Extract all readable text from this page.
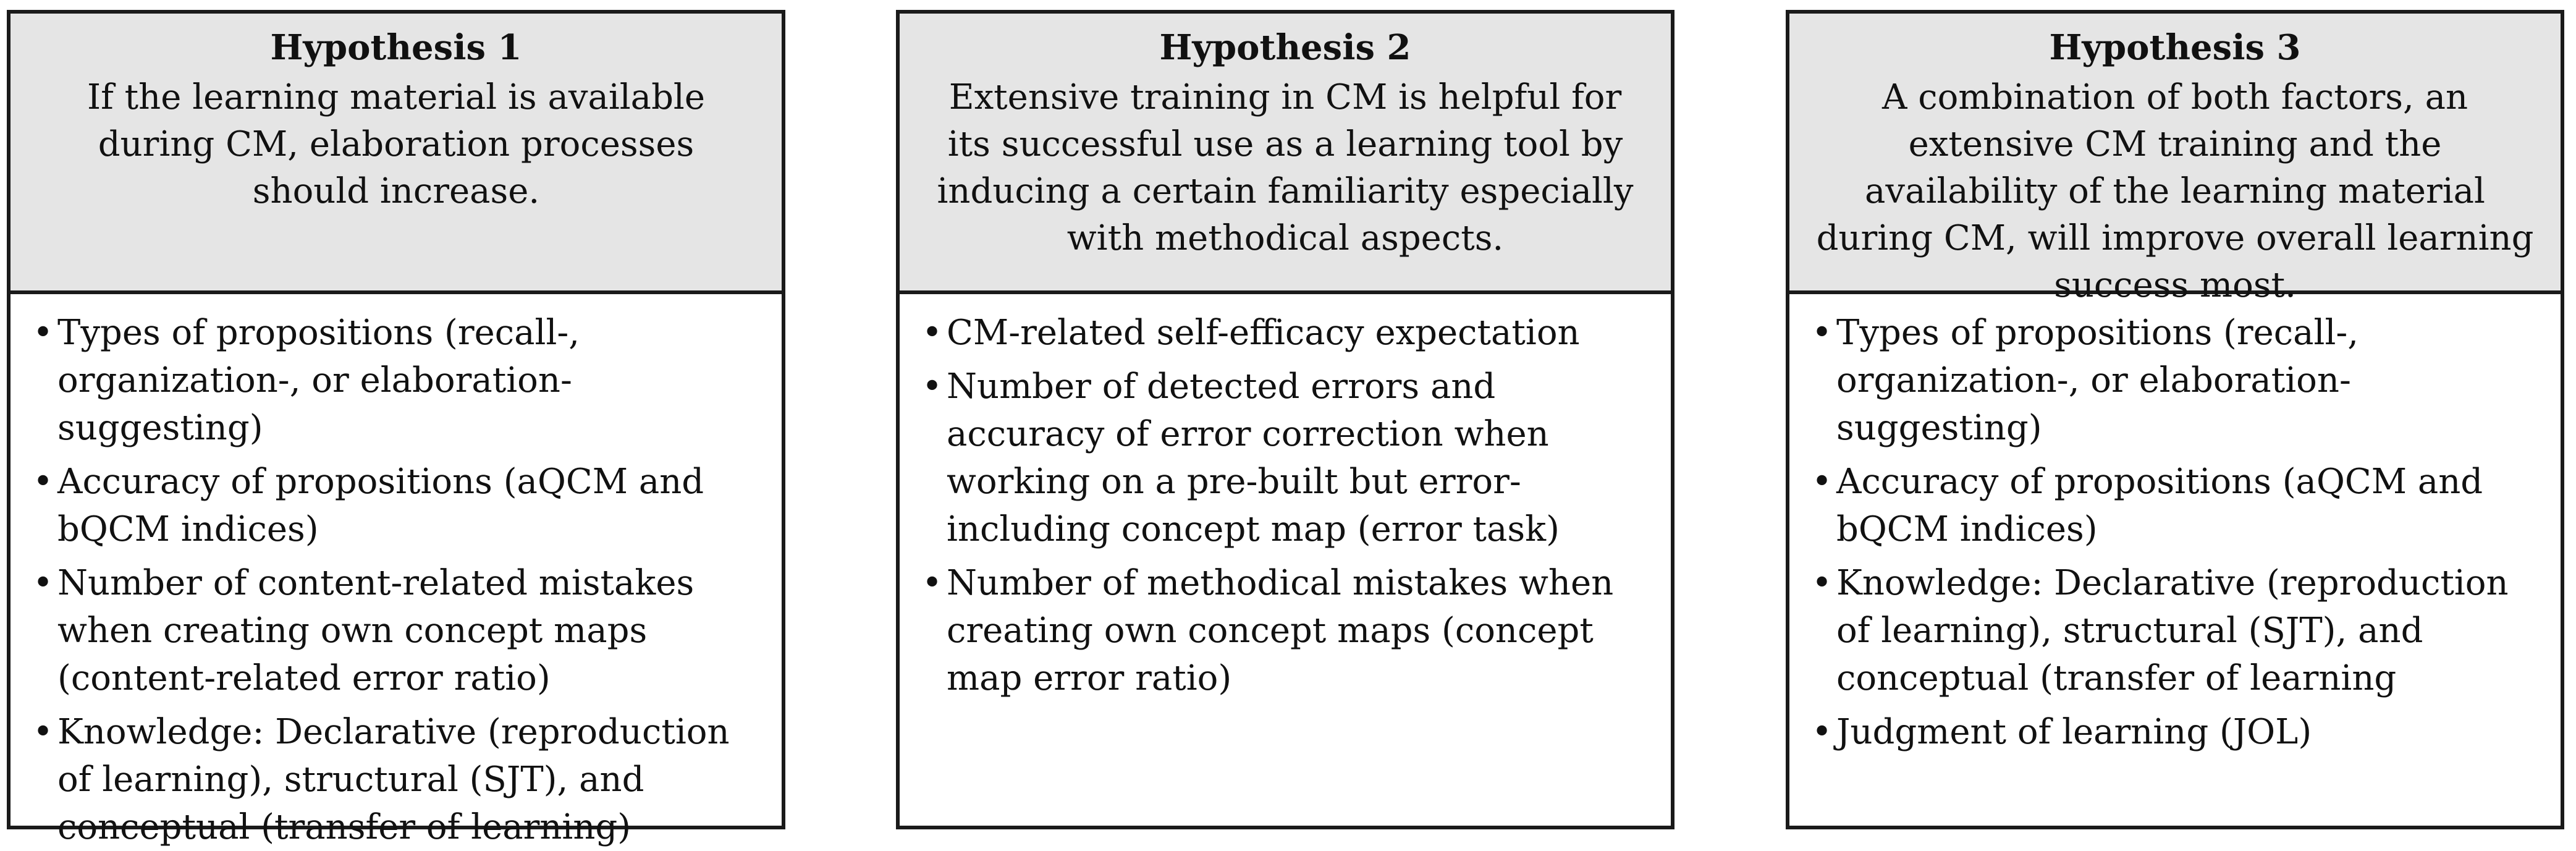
Hypothesis 1
If the learning material is available during CM, elaboration processes should increase.
• Types of propositions (recall-, organization-, or elaboration-suggesting)
• Accuracy of propositions (aQCM and bQCM indices)
• Number of content-related mistakes when creating own concept maps (content-related error ratio)
• Knowledge: Declarative (reproduction of learning), structural (SJT), and conceptual (transfer of learning)
Hypothesis 2
Extensive training in CM is helpful for its successful use as a learning tool by inducing a certain familiarity especially with methodical aspects.
• CM-related self-efficacy expectation
• Number of detected errors and accuracy of error correction when working on a pre-built but error-including concept map (error task)
• Number of methodical mistakes when creating own concept maps (concept map error ratio)
Hypothesis 3
A combination of both factors, an extensive CM training and the availability of the learning material during CM, will improve overall learning success most.
• Types of propositions (recall-, organization-, or elaboration-suggesting)
• Accuracy of propositions (aQCM and bQCM indices)
• Knowledge: Declarative (reproduction of learning), structural (SJT), and conceptual (transfer of learning
• Judgment of learning (JOL)
